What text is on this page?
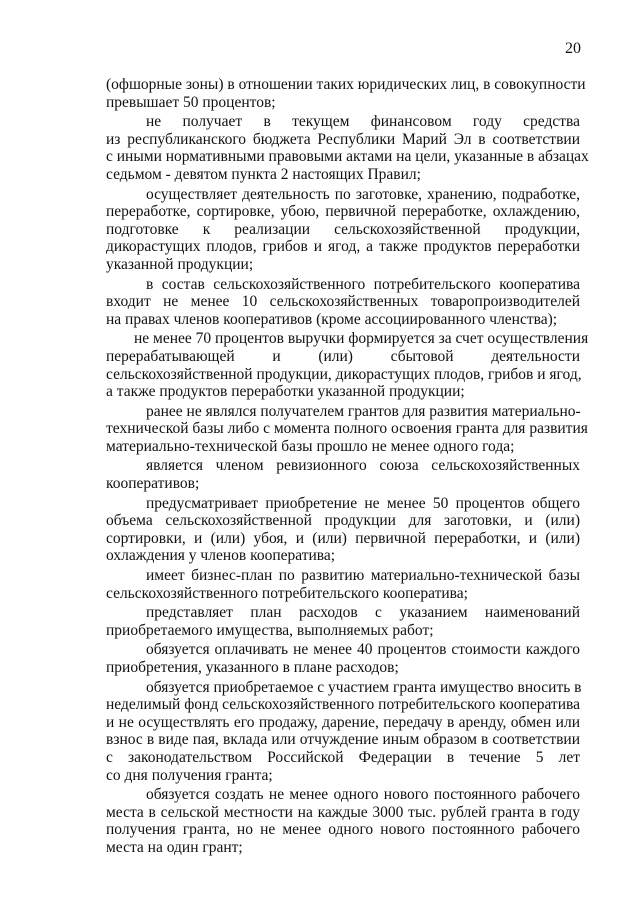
20

(офшорные зоны) в отношении таких юридических лиц, в совокупности
превышает 50 процентов;

не получает в текущем финансовом году средства
из республиканского бюджета Республики Марий Эл в соответствии
с иными нормативными правовыми актами на цели, указанные в абзацах
седьмом - девятом пункта 2 настоящих Правил;

осуществляет деятельность по заготовке, хранению, подработке,
переработке, сортировке, убою, первичной переработке, охлаждению,
подготовке к реализации сельскохозяйственной продукции,
дикорастущих плодов, грибов и ягод, а также продуктов переработки
указанной продукции;

в состав сельскохозяйственного потребительского кооператива
входит не менее 10 сельскохозяйственных товаропроизводителей
на правах членов кооперативов (кроме ассоциированного членства);

не менее 70 процентов выручки формируется за счет осуществления
перерабатывающей и (или) сбытовой деятельности
сельскохозяйственной продукции, дикорастущих плодов, грибов и ягод,
а также продуктов переработки указанной продукции;

ранее не являлся получателем грантов для развития материально-
технической базы либо с момента полного освоения гранта для развития
материально-технической базы прошло не менее одного года;

является членом ревизионного союза сельскохозяйственных
кооперативов;

предусматривает приобретение не менее 50 процентов общего
объема сельскохозяйственной продукции для заготовки, и (или)
сортировки, и (или) убоя, и (или) первичной переработки, и (или)
охлаждения у членов кооператива;

имеет бизнес-план по развитию материально-технической базы
сельскохозяйственного потребительского кооператива;

представляет план расходов с указанием наименований
приобретаемого имущества, выполняемых работ;

обязуется оплачивать не менее 40 процентов стоимости каждого
приобретения, указанного в плане расходов;

обязуется приобретаемое с участием гранта имущество вносить в
неделимый фонд сельскохозяйственного потребительского кооператива
и не осуществлять его продажу, дарение, передачу в аренду, обмен или
взнос в виде пая, вклада или отчуждение иным образом в соответствии
с законодательством Российской Федерации в течение 5 лет
со дня получения гранта;

обязуется создать не менее одного нового постоянного рабочего
места в сельской местности на каждые 3000 тыс. рублей гранта в году
получения гранта, но не менее одного нового постоянного рабочего
места на один грант;
